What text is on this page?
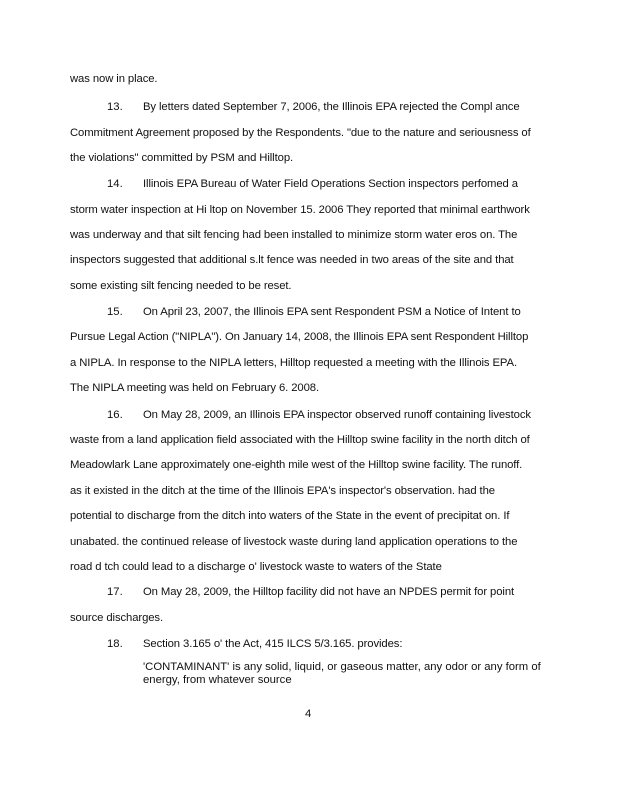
was now in place.
13. By letters dated September 7, 2006, the Illinois EPA rejected the Compl ance
Commitment Agreement proposed by the Respondents. "due to the nature and seriousness of
the violations" committed by PSM and Hilltop.
14. Illinois EPA Bureau of Water Field Operations Section inspectors perfomed a
storm water inspection at Hi ltop on November 15. 2006 They reported that minimal earthwork
was underway and that silt fencing had been installed to minimize storm water eros on. The
inspectors suggested that additional s.lt fence was needed in two areas of the site and that
some existing silt fencing needed to be reset.
15. On April 23, 2007, the Illinois EPA sent Respondent PSM a Notice of Intent to
Pursue Legal Action ("NIPLA"). On January 14, 2008, the Illinois EPA sent Respondent Hilltop
a NIPLA. In response to the NIPLA letters, Hilltop requested a meeting with the Illinois EPA.
The NIPLA meeting was held on February 6. 2008.
16. On May 28, 2009, an Illinois EPA inspector observed runoff containing livestock
waste from a land application field associated with the Hilltop swine facility in the north ditch of
Meadowlark Lane approximately one-eighth mile west of the Hilltop swine facility. The runoff.
as it existed in the ditch at the time of the Illinois EPA's inspector's observation. had the
potential to discharge from the ditch into waters of the State in the event of precipitat on. If
unabated. the continued release of livestock waste during land application operations to the
road d tch could lead to a discharge o' livestock waste to waters of the State
17. On May 28, 2009, the Hilltop facility did not have an NPDES permit for point
source discharges.
18. Section 3.165 o' the Act, 415 ILCS 5/3.165. provides:
'CONTAMINANT' is any solid, liquid, or gaseous matter, any odor or any form of
energy, from whatever source
4
